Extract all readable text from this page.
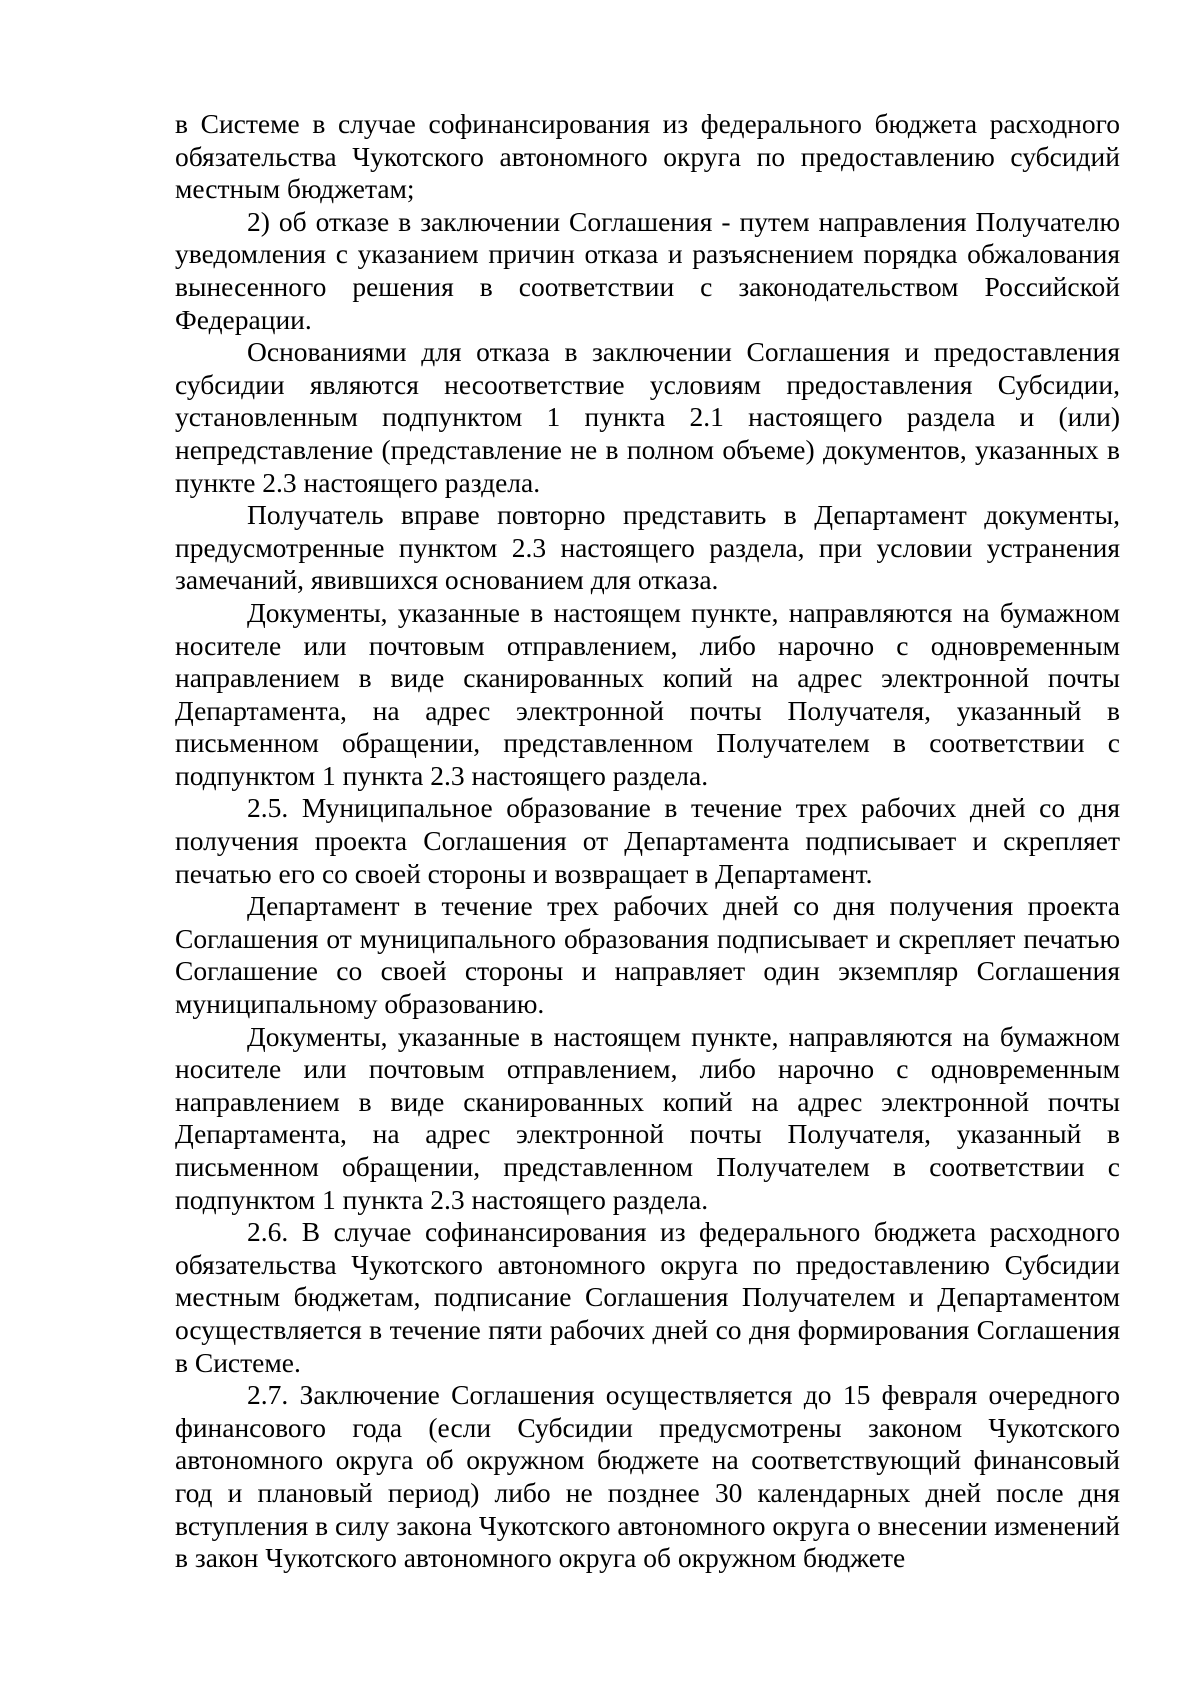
в Системе в случае софинансирования из федерального бюджета расходного обязательства Чукотского автономного округа по предоставлению субсидий местным бюджетам;

2) об отказе в заключении Соглашения - путем направления Получателю уведомления с указанием причин отказа и разъяснением порядка обжалования вынесенного решения в соответствии с законодательством Российской Федерации.

Основаниями для отказа в заключении Соглашения и предоставления субсидии являются несоответствие условиям предоставления Субсидии, установленным подпунктом 1 пункта 2.1 настоящего раздела и (или) непредставление (представление не в полном объеме) документов, указанных в пункте 2.3 настоящего раздела.

Получатель вправе повторно представить в Департамент документы, предусмотренные пунктом 2.3 настоящего раздела, при условии устранения замечаний, явившихся основанием для отказа.

Документы, указанные в настоящем пункте, направляются на бумажном носителе или почтовым отправлением, либо нарочно с одновременным направлением в виде сканированных копий на адрес электронной почты Департамента, на адрес электронной почты Получателя, указанный в письменном обращении, представленном Получателем в соответствии с подпунктом 1 пункта 2.3 настоящего раздела.

2.5. Муниципальное образование в течение трех рабочих дней со дня получения проекта Соглашения от Департамента подписывает и скрепляет печатью его со своей стороны и возвращает в Департамент.

Департамент в течение трех рабочих дней со дня получения проекта Соглашения от муниципального образования подписывает и скрепляет печатью Соглашение со своей стороны и направляет один экземпляр Соглашения муниципальному образованию.

Документы, указанные в настоящем пункте, направляются на бумажном носителе или почтовым отправлением, либо нарочно с одновременным направлением в виде сканированных копий на адрес электронной почты Департамента, на адрес электронной почты Получателя, указанный в письменном обращении, представленном Получателем в соответствии с подпунктом 1 пункта 2.3 настоящего раздела.

2.6. В случае софинансирования из федерального бюджета расходного обязательства Чукотского автономного округа по предоставлению Субсидии местным бюджетам, подписание Соглашения Получателем и Департаментом осуществляется в течение пяти рабочих дней со дня формирования Соглашения в Системе.

2.7. Заключение Соглашения осуществляется до 15 февраля очередного финансового года (если Субсидии предусмотрены законом Чукотского автономного округа об окружном бюджете на соответствующий финансовый год и плановый период) либо не позднее 30 календарных дней после дня вступления в силу закона Чукотского автономного округа о внесении изменений в закон Чукотского автономного округа об окружном бюджете
